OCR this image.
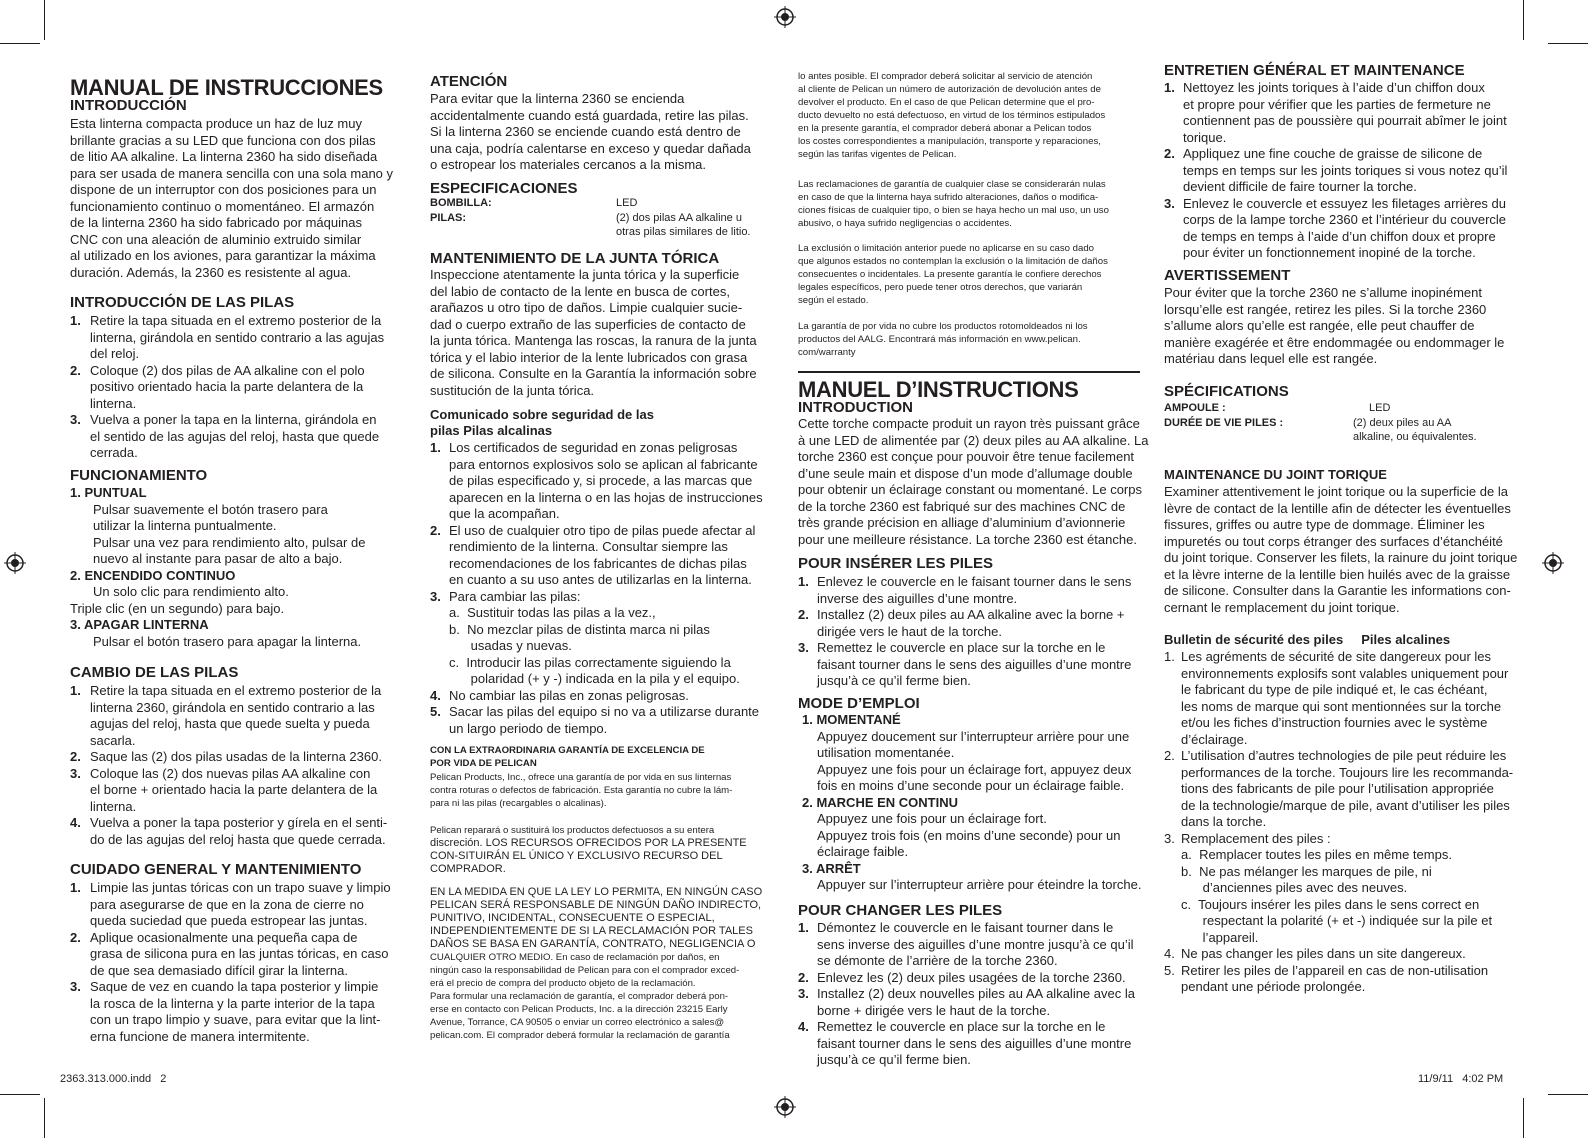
MANUAL DE INSTRUCCIONES
INTRODUCCIÓN
Esta linterna compacta produce un haz de luz muy
brillante gracias a su LED que funciona con dos pilas
de litio AA alkaline. La linterna 2360 ha sido diseñada
para ser usada de manera sencilla con una sola mano y
dispone de un interruptor con dos posiciones para un
funcionamiento continuo o momentáneo. El armazón
de la linterna 2360 ha sido fabricado por máquinas
CNC con una aleación de aluminio extruido similar
al utilizado en los aviones, para garantizar la máxima
duración. Además, la 2360 es resistente al agua.
INTRODUCCIÓN DE LAS PILAS
1. Retire la tapa situada en el extremo posterior de la
linterna, girándola en sentido contrario a las agujas
del reloj.
2. Coloque (2) dos pilas de AA alkaline con el polo
positivo orientado hacia la parte delantera de la
linterna.
3. Vuelva a poner la tapa en la linterna, girándola en
el sentido de las agujas del reloj, hasta que quede
cerrada.
FUNCIONAMIENTO
1. PUNTUAL
Pulsar suavemente el botón trasero para
utilizar la linterna puntualmente.
Pulsar una vez para rendimiento alto, pulsar de
nuevo al instante para pasar de alto a bajo.
2. ENCENDIDO CONTINUO
Un solo clic para rendimiento alto.
Triple clic (en un segundo) para bajo.
3. APAGAR LINTERNA
Pulsar el botón trasero para apagar la linterna.
CAMBIO DE LAS PILAS
1. Retire la tapa situada en el extremo posterior de la
linterna 2360, girándola en sentido contrario a las
agujas del reloj, hasta que quede suelta y pueda
sacarla.
2. Saque las (2) dos pilas usadas de la linterna 2360.
3. Coloque las (2) dos nuevas pilas AA alkaline con
el borne + orientado hacia la parte delantera de la
linterna.
4. Vuelva a poner la tapa posterior y gírela en el senti-
do de las agujas del reloj hasta que quede cerrada.
CUIDADO GENERAL Y MANTENIMIENTO
1. Limpie las juntas tóricas con un trapo suave y limpio
para asegurarse de que en la zona de cierre no
queda suciedad que pueda estropear las juntas.
2. Aplique ocasionalmente una pequeña capa de
grasa de silicona pura en las juntas tóricas, en caso
de que sea demasiado difícil girar la linterna.
3. Saque de vez en cuando la tapa posterior y limpie
la rosca de la linterna y la parte interior de la tapa
con un trapo limpio y suave, para evitar que la lint-
erna funcione de manera intermitente.
ATENCIÓN
Para evitar que la linterna 2360 se encienda
accidentalmente cuando está guardada, retire las pilas.
Si la linterna 2360 se enciende cuando está dentro de
una caja, podría calentarse en exceso y quedar dañada
o estropear los materiales cercanos a la misma.
ESPECIFICACIONES
BOMBILLA:	LED
PILAS:	(2) dos pilas AA alkaline u
otras pilas similares de litio.
MANTENIMIENTO DE LA JUNTA TÓRICA
Inspeccione atentamente la junta tórica y la superficie
del labio de contacto de la lente en busca de cortes,
arañazos u otro tipo de daños. Limpie cualquier sucie-
dad o cuerpo extraño de las superficies de contacto de
la junta tórica. Mantenga las roscas, la ranura de la junta
tórica y el labio interior de la lente lubricados con grasa
de silicona. Consulte en la Garantía la información sobre
sustitución de la junta tórica.
Comunicado sobre seguridad de las
pilas Pilas alcalinas
1. Los certificados de seguridad en zonas peligrosas
para entornos explosivos solo se aplican al fabricante
de pilas especificado y, si procede, a las marcas que
aparecen en la linterna o en las hojas de instrucciones
que la acompañan.
2. El uso de cualquier otro tipo de pilas puede afectar al
rendimiento de la linterna. Consultar siempre las
recomendaciones de los fabricantes de dichas pilas
en cuanto a su uso antes de utilizarlas en la linterna.
3. Para cambiar las pilas:
a.  Sustituir todas las pilas a la vez.,
b.  No mezclar pilas de distinta marca ni pilas
usadas y nuevas.
c.  Introducir las pilas correctamente siguiendo la
polaridad (+ y -) indicada en la pila y el equipo.
4. No cambiar las pilas en zonas peligrosas.
5. Sacar las pilas del equipo si no va a utilizarse durante
un largo periodo de tiempo.
CON LA EXTRAORDINARIA GARANTÍA DE EXCELENCIA DE
POR VIDA DE PELICAN
Pelican Products, Inc., ofrece una garantía de por vida en sus linternas
contra roturas o defectos de fabricación. Esta garantía no cubre la lám-
para ni las pilas (recargables o alcalinas).
Pelican reparará o sustituirá los productos defectuosos a su entera
discreción. LOS RECURSOS OFRECIDOS POR LA PRESENTE
CON-SITUIRÁN EL ÚNICO Y EXCLUSIVO RECURSO DEL
COMPRADOR.
EN LA MEDIDA EN QUE LA LEY LO PERMITA, EN NINGÚN CASO
PELICAN SERÁ RESPONSABLE DE NINGÚN DAÑO INDIRECTO,
PUNITIVO, INCIDENTAL, CONSECUENTE O ESPECIAL,
INDEPENDIENTEMENTE DE SI LA RECLAMACIÓN POR TALES
DAÑOS SE BASA EN GARANTÍA, CONTRATO, NEGLIGENCIA O
CUALQUIER OTRO MEDIO. En caso de reclamación por daños, en
ningún caso la responsabilidad de Pelican para con el comprador exced-
erá el precio de compra del producto objeto de la reclamación.
Para formular una reclamación de garantía, el comprador deberá pon-
erse en contacto con Pelican Products, Inc. a la dirección 23215 Early
Avenue, Torrance, CA 90505 o enviar un correo electrónico a sales@
pelican.com. El comprador deberá formular la reclamación de garantía
lo antes posible. El comprador deberá solicitar al servicio de atención
al cliente de Pelican un número de autorización de devolución antes de
devolver el producto. En el caso de que Pelican determine que el pro-
ducto devuelto no está defectuoso, en virtud de los términos estipulados
en la presente garantía, el comprador deberá abonar a Pelican todos
los costes correspondientes a manipulación, transporte y reparaciones,
según las tarifas vigentes de Pelican.
Las reclamaciones de garantía de cualquier clase se considerarán nulas
en caso de que la linterna haya sufrido alteraciones, daños o modifica-
ciones físicas de cualquier tipo, o bien se haya hecho un mal uso, un uso
abusivo, o haya sufrido negligencias o accidentes.
La exclusión o limitación anterior puede no aplicarse en su caso dado
que algunos estados no contemplan la exclusión o la limitación de daños
consecuentes o incidentales. La presente garantía le confiere derechos
legales específicos, pero puede tener otros derechos, que variarán
según el estado.
La garantía de por vida no cubre los productos rotomoldeados ni los
productos del AALG. Encontrará más información en www.pelican.
com/warranty
MANUEL D’INSTRUCTIONS
INTRODUCTION
Cette torche compacte produit un rayon très puissant grâce
à une LED de alimentée par (2) deux piles au AA alkaline. La
torche 2360 est conçue pour pouvoir être tenue facilement
d’une seule main et dispose d’un mode d’allumage double
pour obtenir un éclairage constant ou momentané. Le corps
de la torche 2360 est fabriqué sur des machines CNC de
très grande précision en alliage d’aluminium d’avionnerie
pour une meilleure résistance. La torche 2360 est étanche.
POUR INSÉRER LES PILES
1. Enlevez le couvercle en le faisant tourner dans le sens
inverse des aiguilles d’une montre.
2. Installez (2) deux piles au AA alkaline avec la borne +
dirigée vers le haut de la torche.
3. Remettez le couvercle en place sur la torche en le
faisant tourner dans le sens des aiguilles d’une montre
jusqu’à ce qu’il ferme bien.
MODE D’EMPLOI
1. MOMENTANÉ
Appuyez doucement sur l’interrupteur arrière pour une
utilisation momentanée.
Appuyez une fois pour un éclairage fort, appuyez deux
fois en moins d’une seconde pour un éclairage faible.
2. MARCHE EN CONTINU
Appuyez une fois pour un éclairage fort.
Appuyez trois fois (en moins d’une seconde) pour un
éclairage faible.
3. ARRÊT
Appuyer sur l’interrupteur arrière pour éteindre la torche.
POUR CHANGER LES PILES
1. Démontez le couvercle en le faisant tourner dans le
sens inverse des aiguilles d’une montre jusqu’à ce qu’il
se démonte de l’arrière de la torche 2360.
2. Enlevez les (2) deux piles usagées de la torche 2360.
3. Installez (2) deux nouvelles piles au AA alkaline avec la
borne + dirigée vers le haut de la torche.
4. Remettez le couvercle en place sur la torche en le
faisant tourner dans le sens des aiguilles d’une montre
jusqu’à ce qu’il ferme bien.
ENTRETIEN GÉNÉRAL ET MAINTENANCE
1. Nettoyez les joints toriques à l’aide d’un chiffon doux
et propre pour vérifier que les parties de fermeture ne
contiennent pas de poussière qui pourrait abîmer le joint
torique.
2. Appliquez une fine couche de graisse de silicone de
temps en temps sur les joints toriques si vous notez qu’il
devient difficile de faire tourner la torche.
3. Enlevez le couvercle et essuyez les filetages arrières du
corps de la lampe torche 2360 et l’intérieur du couvercle
de temps en temps à l’aide d’un chiffon doux et propre
pour éviter un fonctionnement inopiné de la torche.
AVERTISSEMENT
Pour éviter que la torche 2360 ne s’allume inopinément
lorsqu’elle est rangée, retirez les piles. Si la torche 2360
s’allume alors qu’elle est rangée, elle peut chauffer de
manière exagérée et être endommagée ou endommager le
matériau dans lequel elle est rangée.
SPÉCIFICATIONS
AMPOULE :	LED
DURÉE DE VIE PILES :	(2) deux piles au AA
alkaline, ou équivalentes.
MAINTENANCE DU JOINT TORIQUE
Examiner attentivement le joint torique ou la superficie de la
lèvre de contact de la lentille afin de détecter les éventuelles
fissures, griffes ou autre type de dommage. Éliminer les
impuretés ou tout corps étranger des surfaces d’étanchéité
du joint torique. Conserver les filets, la rainure du joint torique
et la lèvre interne de la lentille bien huilés avec de la graisse
de silicone. Consulter dans la Garantie les informations con-
cernant le remplacement du joint torique.
Bulletin de sécurité des piles     Piles alcalines
1. Les agréments de sécurité de site dangereux pour les
environnements explosifs sont valables uniquement pour
le fabricant du type de pile indiqué et, le cas échéant,
les noms de marque qui sont mentionnées sur la torche
et/ou les fiches d’instruction fournies avec le système
d’éclairage.
2. L’utilisation d’autres technologies de pile peut réduire les
performances de la torche. Toujours lire les recommanda-
tions des fabricants de pile pour l’utilisation appropriée
de la technologie/marque de pile, avant d’utiliser les piles
dans la torche.
3. Remplacement des piles :
a.  Remplacer toutes les piles en même temps.
b.  Ne pas mélanger les marques de pile, ni
d’anciennes piles avec des neuves.
c.  Toujours insérer les piles dans le sens correct en
respectant la polarité (+ et -) indiquée sur la pile et
l’appareil.
4. Ne pas changer les piles dans un site dangereux.
5. Retirer les piles de l’appareil en cas de non-utilisation
pendant une période prolongée.
2363.313.000.indd   2	11/9/11   4:02 PM
